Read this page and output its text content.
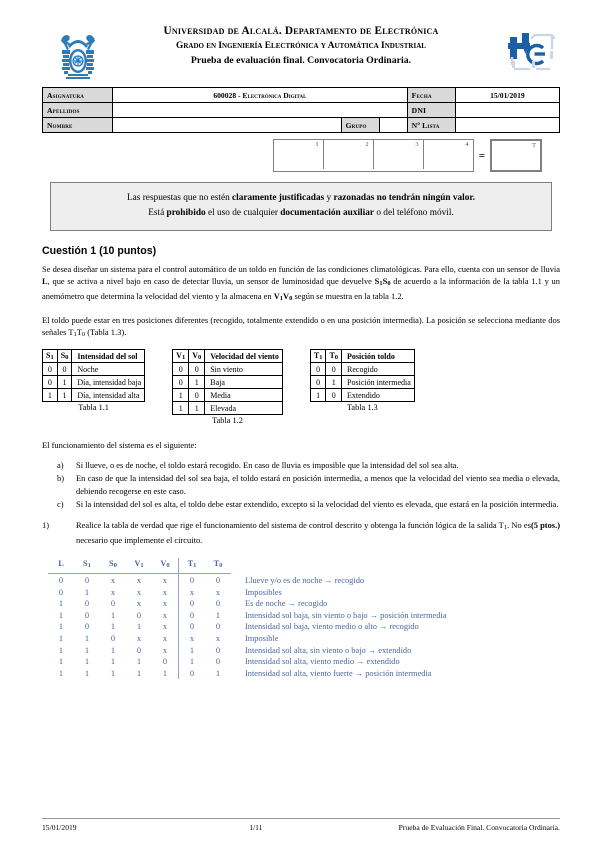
Universidad de Alcalá. Departamento de Electrónica
Grado en Ingeniería Electrónica y Automática Industrial
Prueba de evaluación final. Convocatoria Ordinaria.
Asignatura	600028 - Electrónica Digital			Fecha	15/01/2019
Apellidos				DNI	
Nombre		Grupo		Nº Lista	
1	2	3	4
=
T
Las respuestas que no estén claramente justificadas y razonadas no tendrán ningún valor.
Está prohibido el uso de cualquier documentación auxiliar o del teléfono móvil.
Cuestión 1 (10 puntos)

Se desea diseñar un sistema para el control automático de un toldo en función de las condiciones climatológicas. Para ello, cuenta con un sensor de lluvia L, que se activa a nivel bajo en caso de detectar lluvia, un sensor de luminosidad que devuelve S1S0 de acuerdo a la información de la tabla 1.1 y un anemómetro que determina la velocidad del viento y la almacena en V1V0 según se muestra en la tabla 1.2.

El toldo puede estar en tres posiciones diferentes (recogido, totalmente extendido o en una posición intermedia). La posición se selecciona mediante dos señales T1T0 (Tabla 1.3).

S1	S0	Intensidad del sol
0	0	Noche
0	1	Día, intensidad baja
1	1	Día, intensidad alta
Tabla 1.1
V1	V0	Velocidad del viento
0	0	Sin viento
0	1	Baja
1	0	Media
1	1	Elevada
Tabla 1.2
T1	T0	Posición toldo
0	0	Recogido
0	1	Posición intermedia
1	0	Extendido
Tabla 1.3

El funcionamiento del sistema es el siguiente:

a) Si llueve, o es de noche, el toldo estará recogido. En caso de lluvia es imposible que la intensidad del sol sea alta.
b) En caso de que la intensidad del sol sea baja, el toldo estará en posición intermedia, a menos que la velocidad del viento sea media o elevada, debiendo recogerse en este caso.
c) Si la intensidad del sol es alta, el toldo debe estar extendido, excepto si la velocidad del viento es elevada, que estará en la posición intermedia.
1)	(5 ptos.)
Realice la tabla de verdad que rige el funcionamiento del sistema de control descrito y obtenga la función lógica de la salida T1. No es necesario que implemente el circuito.
L	S1	S0	V1	V0	T1	T0	
0	0	x	x	x	0	0	Llueve y/o es de noche → recogido
0	1	x	x	x	x	x	Imposibles
1	0	0	x	x	0	0	Es de noche → recogido
1	0	1	0	x	0	1	Intensidad sol baja, sin viento o bajo → posición intermedia
1	0	1	1	x	0	0	Intensidad sol baja, viento medio o alto → recogido
1	1	0	x	x	x	x	Imposible
1	1	1	0	x	1	0	Intensidad sol alta, sin viento o bajo → extendido
1	1	1	1	0	1	0	Intensidad sol alta, viento medio → extendido
1	1	1	1	1	0	1	Intensidad sol alta, viento fuerte → posición intermedia
15/01/2019	1/11	Prueba de Evaluación Final. Convocatoria Ordinaria.
